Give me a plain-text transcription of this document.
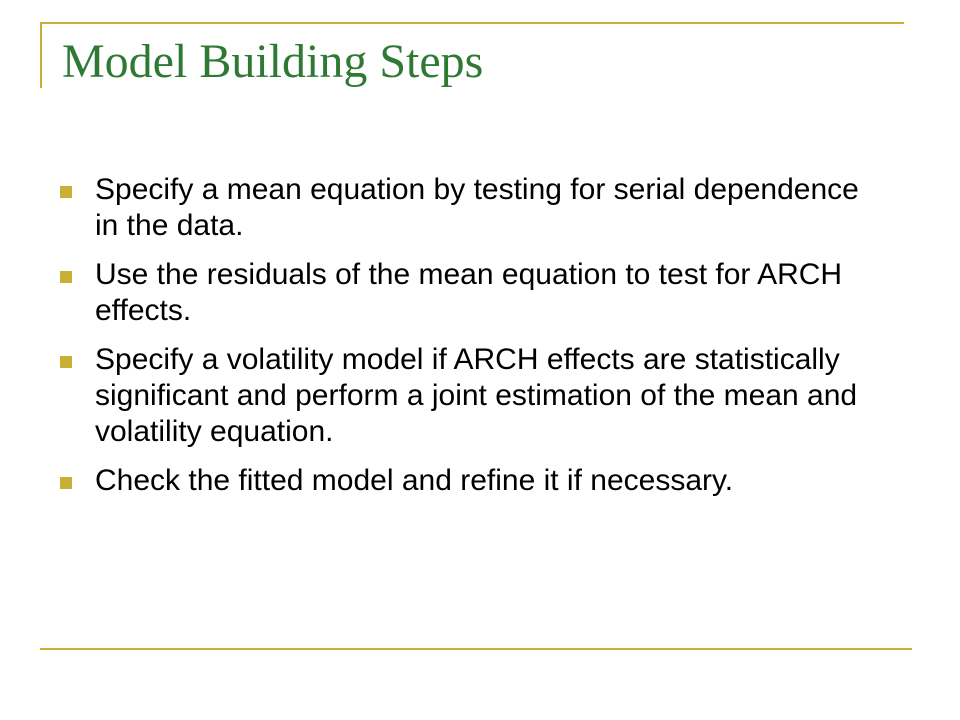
Model Building Steps
Specify a mean equation by testing for serial dependence in the data.
Use the residuals of the mean equation to test for ARCH effects.
Specify a volatility model if ARCH effects are statistically significant and perform a joint estimation of the mean and volatility equation.
Check the fitted model and refine it if necessary.
